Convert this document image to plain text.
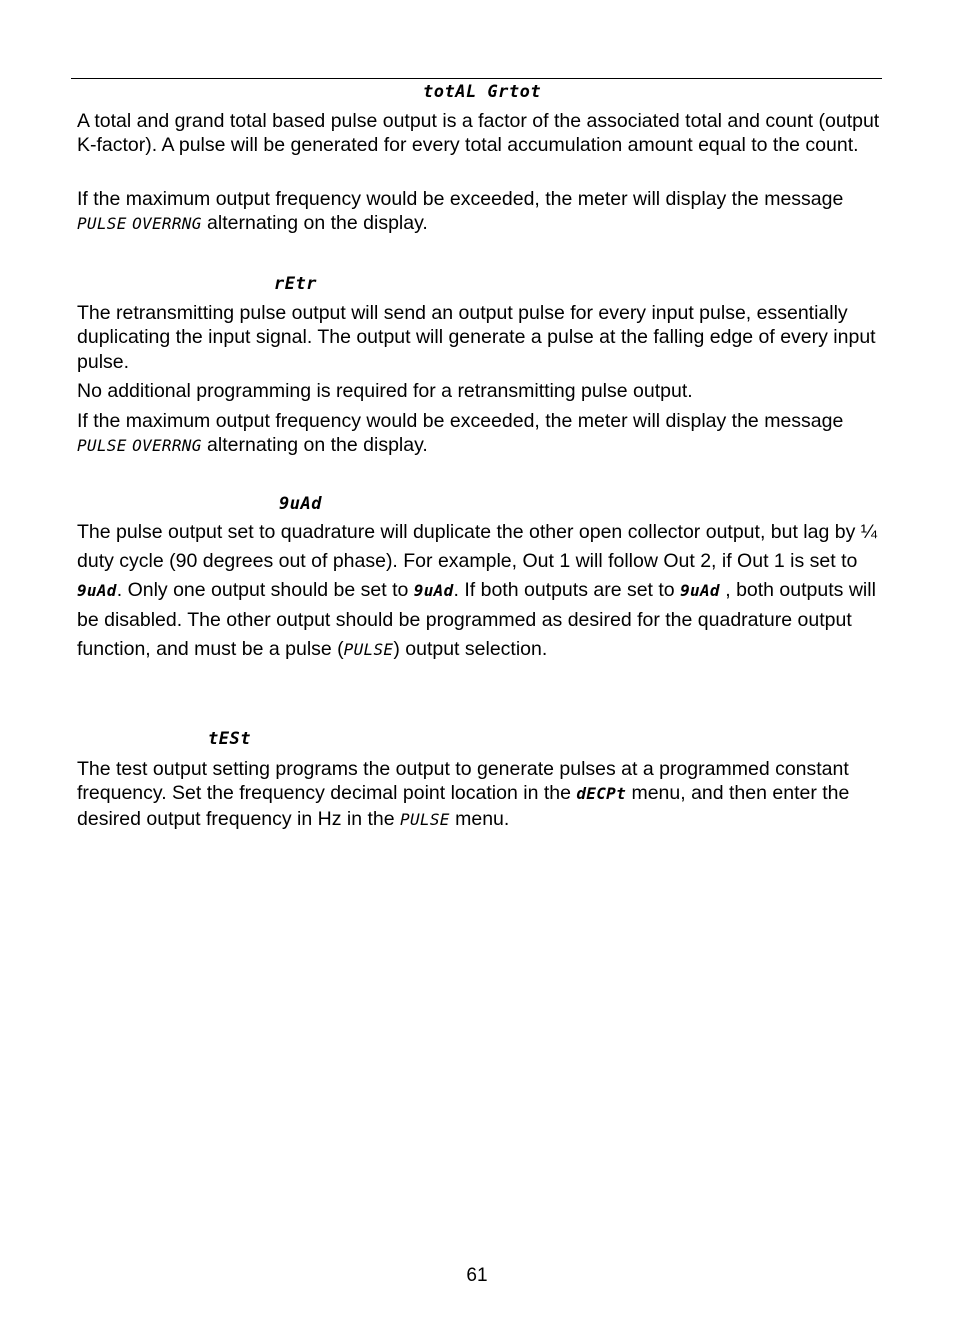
totAL Grtot

A total and grand total based pulse output is a factor of the associated total and count (output K-factor). A pulse will be generated for every total accumulation amount equal to the count.

If the maximum output frequency would be exceeded, the meter will display the message PULSE OVERRNG alternating on the display.

rEtr

The retransmitting pulse output will send an output pulse for every input pulse, essentially duplicating the input signal. The output will generate a pulse at the falling edge of every input pulse.

No additional programming is required for a retransmitting pulse output.

If the maximum output frequency would be exceeded, the meter will display the message PULSE OVERRNG alternating on the display.

9uAd

The pulse output set to quadrature will duplicate the other open collector output, but lag by ¼ duty cycle (90 degrees out of phase). For example, Out 1 will follow Out 2, if Out 1 is set to 9uAd. Only one output should be set to 9uAd. If both outputs are set to 9uAd , both outputs will be disabled. The other output should be programmed as desired for the quadrature output function, and must be a pulse (PULSE) output selection.

tESt

The test output setting programs the output to generate pulses at a programmed constant frequency. Set the frequency decimal point location in the dECPt menu, and then enter the desired output frequency in Hz in the PULSE menu.

61
